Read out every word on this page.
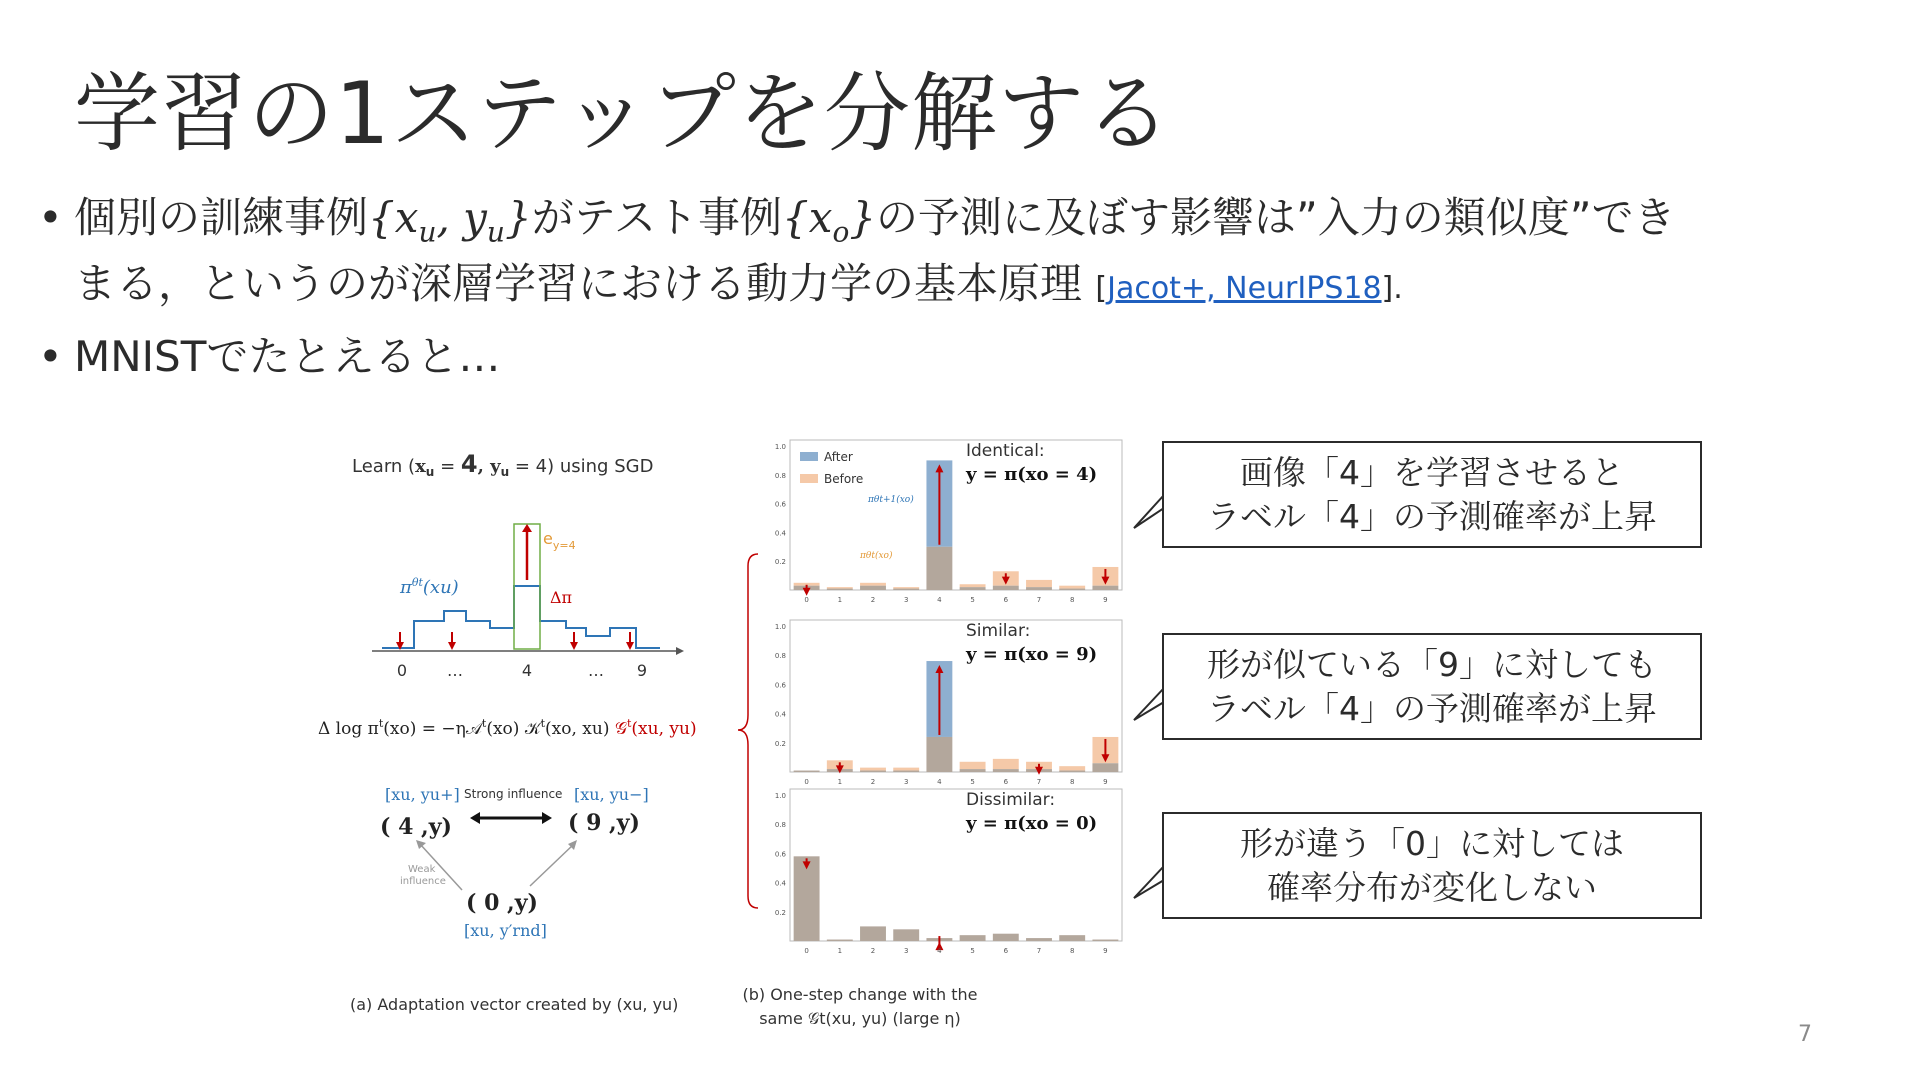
学習の1ステップを分解する
• 個別の訓練事例{$x_u$, $y_u$}がテスト事例$\{x_o\}$の予測に及ぼす影響は”入力の類似度”でき
まる，というのが深層学習における動力学の基本原理 [Jacot+, NeurIPS18].
• MNISTでたとえると…
Learn ($x_u = 4$, $y_u = 4$) using SGD
$\pi^{\theta t}(xu)$
$e_{y=4}$
Δπ
0 …	4	… 9
Δ $\log \pi^t(xo)$ = −η𝒜$^t$(xo) 𝒦$^t$(xo, xu) 𝒢$^t$(xu, yu)
[xu, yu+] Strong influence [xu, yu−]
( 4 ,y)	( 9 ,y)
Weak
influence
( 0 ,y)
[xu, y′rnd]
(a) Adaptation vector created by (xu, yu)
(b) One-step change with the
same 𝒢t(xu, yu) (large η)
1.0
0.8
0.6
0.4
0.2
0	1	2	3	4	5	6	7	8	9
Identical:
y = π(xo = 4)
1.0
0.8
0.6
0.4
0.2
0	1	2	3	4	5	6	7	8	9
Similar:
y = π(xo = 9)
1.0
0.8
0.6
0.4
0.2
0	1	2	3	4	5	6	7	8	9
Dissimilar:
y = π(xo = 0)
After
Before
πθt+1(xo)
πθt(xo)
画像「4」を学習させると
ラベル「4」の予測確率が上昇
形が似ている「9」に対しても
ラベル「4」の予測確率が上昇
形が違う「0」に対しては
確率分布が変化しない
7
